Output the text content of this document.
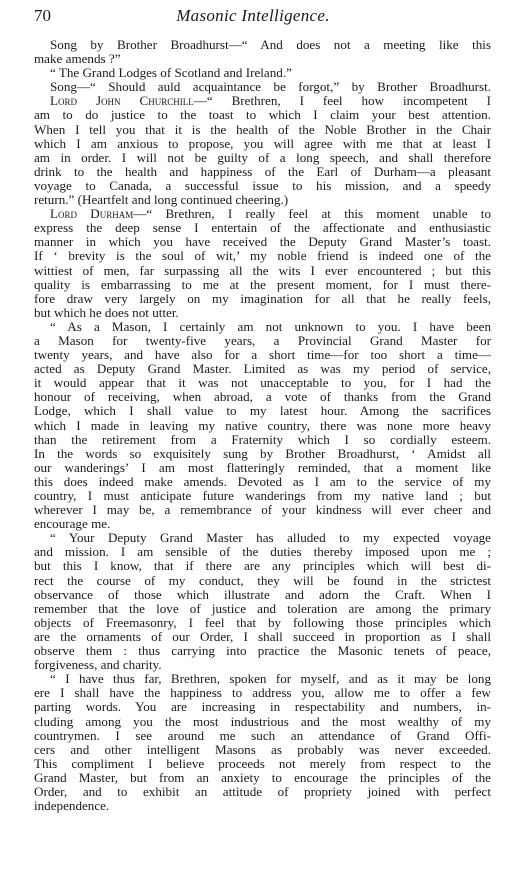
70	Masonic Intelligence.
Song by Brother Broadhurst—“ And does not a meeting like this
make amends ?”
“ The Grand Lodges of Scotland and Ireland.”
Song—“ Should auld acquaintance be forgot,” by Brother Broadhurst.
Lord John Churchill—“ Brethren, I feel how incompetent I
am to do justice to the toast to which I claim your best attention.
When I tell you that it is the health of the Noble Brother in the Chair
which I am anxious to propose, you will agree with me that at least I
am in order. I will not be guilty of a long speech, and shall therefore
drink to the health and happiness of the Earl of Durham—a pleasant
voyage to Canada, a successful issue to his mission, and a speedy
return.” (Heartfelt and long continued cheering.)
Lord Durham—“ Brethren, I really feel at this moment unable to
express the deep sense I entertain of the affectionate and enthusiastic
manner in which you have received the Deputy Grand Master’s toast.
If ‘ brevity is the soul of wit,’ my noble friend is indeed one of the
wittiest of men, far surpassing all the wits I ever encountered ; but this
quality is embarrassing to me at the present moment, for I must there-
fore draw very largely on my imagination for all that he really feels,
but which he does not utter.
“ As a Mason, I certainly am not unknown to you. I have been
a Mason for twenty-five years, a Provincial Grand Master for
twenty years, and have also for a short time—for too short a time—
acted as Deputy Grand Master. Limited as was my period of service,
it would appear that it was not unacceptable to you, for I had the
honour of receiving, when abroad, a vote of thanks from the Grand
Lodge, which I shall value to my latest hour. Among the sacrifices
which I made in leaving my native country, there was none more heavy
than the retirement from a Fraternity which I so cordially esteem.
In the words so exquisitely sung by Brother Broadhurst, ‘ Amidst all
our wanderings’ I am most flatteringly reminded, that a moment like
this does indeed make amends. Devoted as I am to the service of my
country, I must anticipate future wanderings from my native land ; but
wherever I may be, a remembrance of your kindness will ever cheer and
encourage me.
“ Your Deputy Grand Master has alluded to my expected voyage
and mission. I am sensible of the duties thereby imposed upon me ;
but this I know, that if there are any principles which will best di-
rect the course of my conduct, they will be found in the strictest
observance of those which illustrate and adorn the Craft. When I
remember that the love of justice and toleration are among the primary
objects of Freemasonry, I feel that by following those principles which
are the ornaments of our Order, I shall succeed in proportion as I shall
observe them : thus carrying into practice the Masonic tenets of peace,
forgiveness, and charity.
“ I have thus far, Brethren, spoken for myself, and as it may be long
ere I shall have the happiness to address you, allow me to offer a few
parting words. You are increasing in respectability and numbers, in-
cluding among you the most industrious and the most wealthy of my
countrymen. I see around me such an attendance of Grand Offi-
cers and other intelligent Masons as probably was never exceeded.
This compliment I believe proceeds not merely from respect to the
Grand Master, but from an anxiety to encourage the principles of the
Order, and to exhibit an attitude of propriety joined with perfect
independence.
